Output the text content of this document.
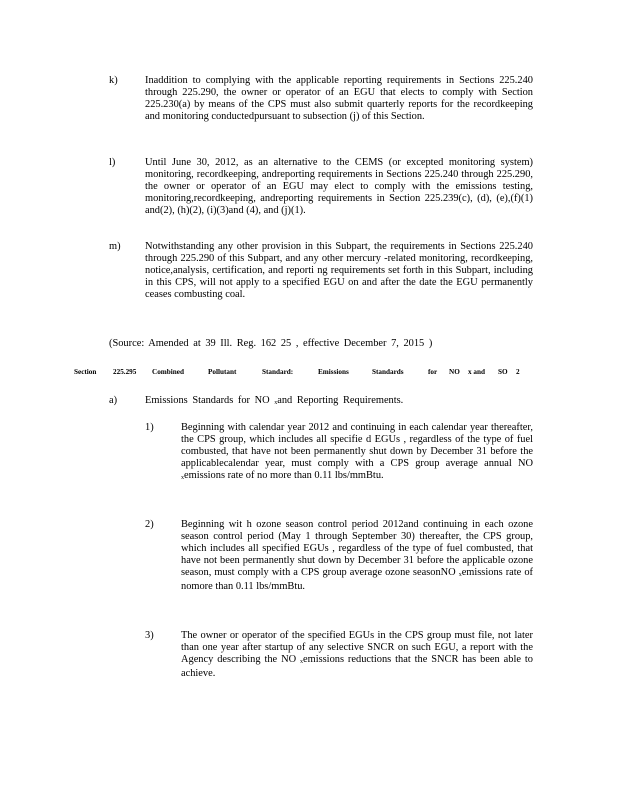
k)	Inaddition to complying with the applicable reporting requirements in Sections 225.240 through 225.290, the owner or operator of an EGU that elects to comply with Section 225.230(a) by means of the CPS must also submit quarterly reports for the recordkeeping and monitoring conductedpursuant to subsection (j) of this Section.
l)	Until June 30, 2012, as an alternative to the CEMS (or excepted monitoring system) monitoring, recordkeeping, andreporting requirements in Sections 225.240 through 225.290, the owner or operator of an EGU may elect to comply with the emissions testing, monitoring,recordkeeping, andreporting requirements in Section 225.239(c), (d), (e),(f)(1) and(2), (h)(2), (i)(3)and (4), and (j)(1).
m) Notwithstanding any other provision in this Subpart, the requirements in Sections 225.240 through 225.290 of this Subpart, and any other mercury -related monitoring, recordkeeping, notice,analysis, certification, and reporti ng requirements set forth in this Subpart, including in this CPS, will not apply to a specified EGU on and after the date the EGU permanently ceases combusting coal.
(Source: Amended at 39 Ill. Reg. 162 25 , effective December 7, 2015 )
Section 225.295 Combined	Pollutant	Standard:	Emissions	Standards	for NO x and SO 2
a)	Emissions Standards for NO $_x$and Reporting Requirements.
1)	Beginning with calendar year 2012 and continuing in each calendar year thereafter, the CPS group, which includes all specifie d EGUs , regardless of the type of fuel combusted, that have not been permanently shut down by December 31 before the applicablecalendar year, must comply with a CPS group average annual NO $_x$emissions rate of no more than 0.11 lbs/mmBtu.
2)	Beginning wit h ozone season control period 2012and continuing in each ozone season control period (May 1 through September 30) thereafter, the CPS group, which includes all specified EGUs , regardless of the type of fuel combusted, that have not been permanently shut down by December 31 before the applicable ozone season, must comply with a CPS group average ozone seasonNO $_x$emissions rate of nomore than 0.11 lbs/mmBtu.
3)	The owner or operator of the specified EGUs in the CPS group must file, not later than one year after startup of any selective SNCR on such EGU, a report with the Agency describing the NO $_x$emissions reductions that the SNCR has been able to achieve.
